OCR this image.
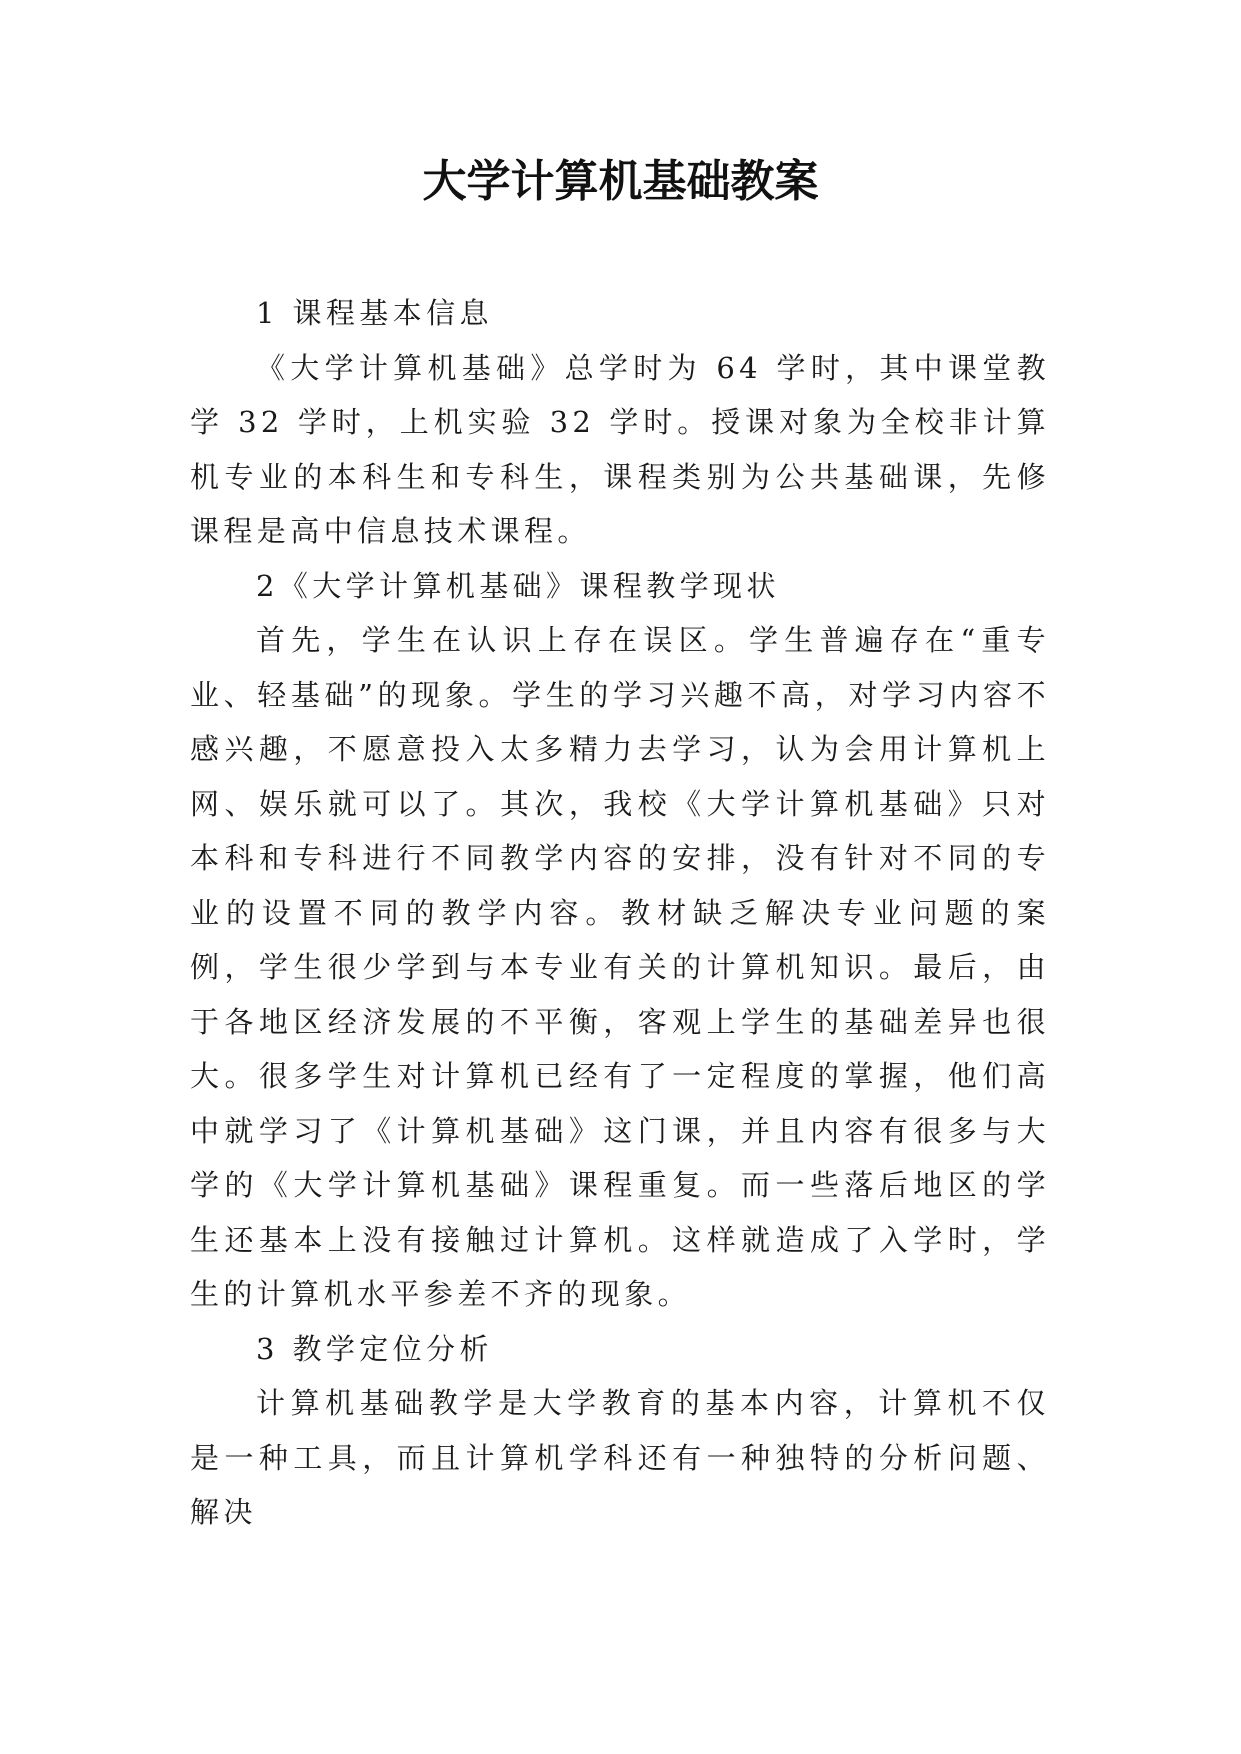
大学计算机基础教案

1 课程基本信息

《大学计算机基础》总学时为 64 学时，其中课堂教学 32 学时，上机实验 32 学时。授课对象为全校非计算机专业的本科生和专科生，课程类别为公共基础课，先修课程是高中信息技术课程。

2《大学计算机基础》课程教学现状

首先，学生在认识上存在误区。学生普遍存在“重专业、轻基础”的现象。学生的学习兴趣不高，对学习内容不感兴趣，不愿意投入太多精力去学习，认为会用计算机上网、娱乐就可以了。其次，我校《大学计算机基础》只对本科和专科进行不同教学内容的安排，没有针对不同的专业的设置不同的教学内容。教材缺乏解决专业问题的案例，学生很少学到与本专业有关的计算机知识。最后，由于各地区经济发展的不平衡，客观上学生的基础差异也很大。很多学生对计算机已经有了一定程度的掌握，他们高中就学习了《计算机基础》这门课，并且内容有很多与大学的《大学计算机基础》课程重复。而一些落后地区的学生还基本上没有接触过计算机。这样就造成了入学时，学生的计算机水平参差不齐的现象。

3 教学定位分析

计算机基础教学是大学教育的基本内容，计算机不仅是一种工具，而且计算机学科还有一种独特的分析问题、解决
